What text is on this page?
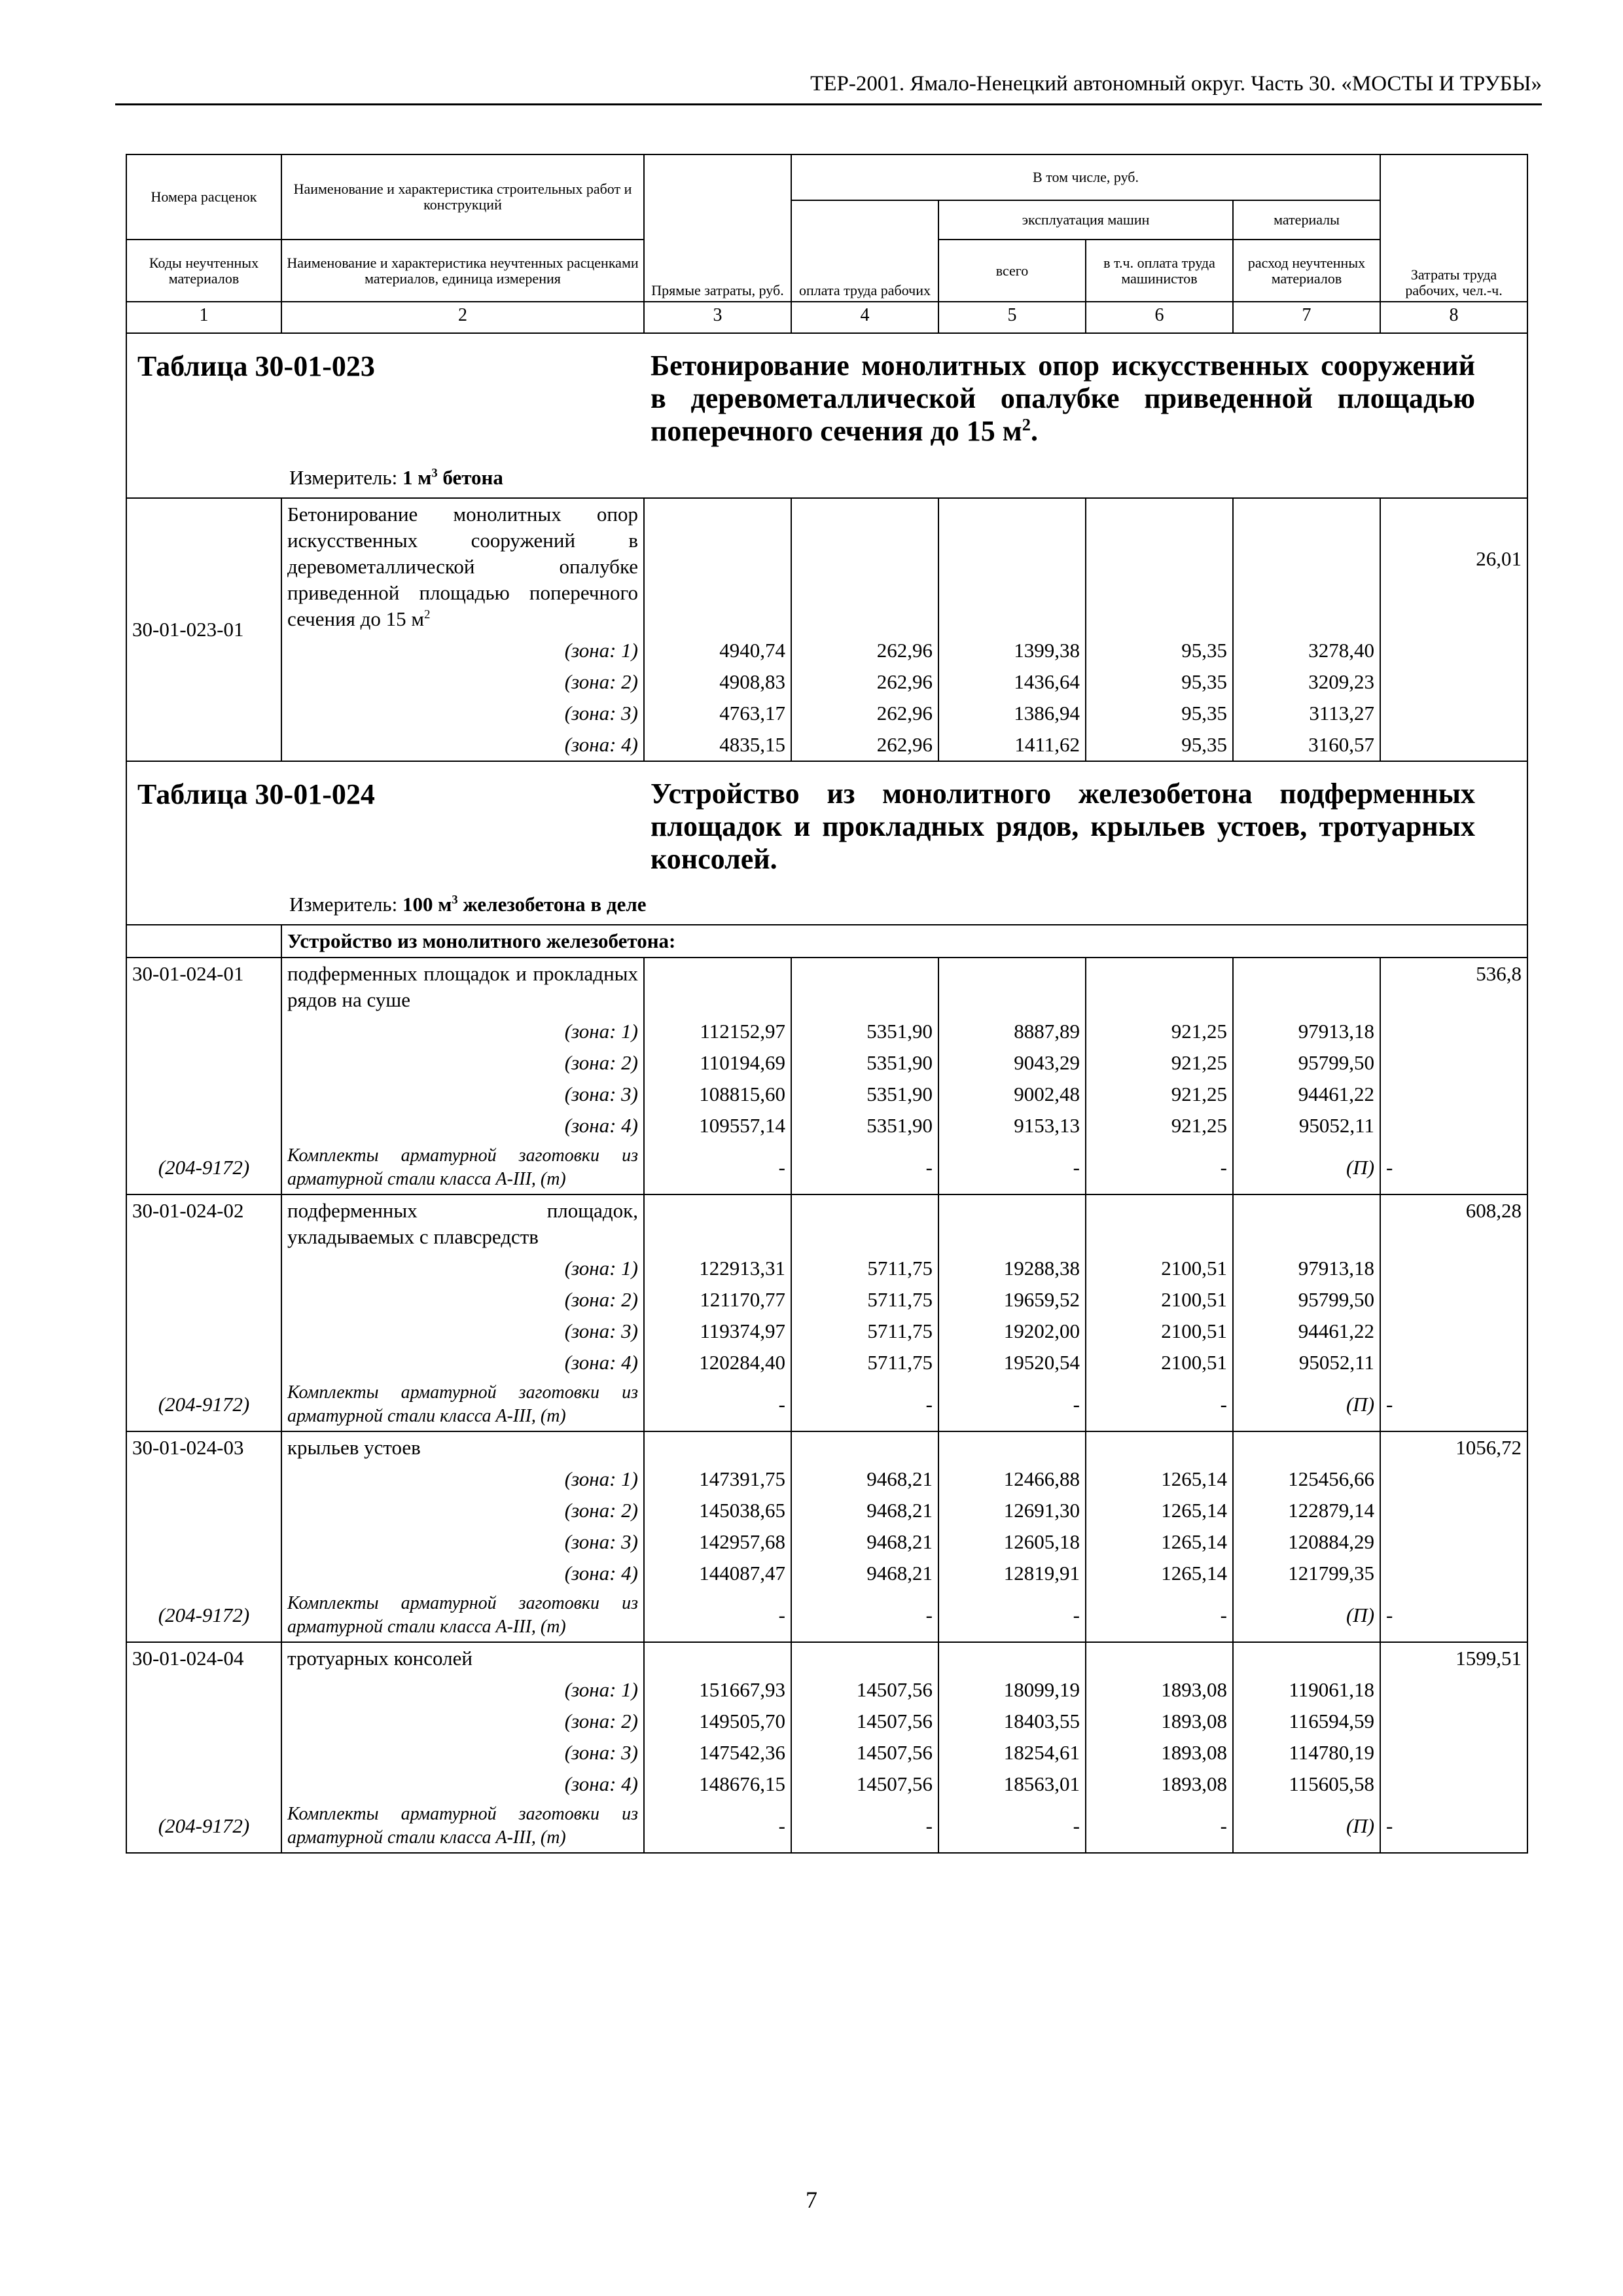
ТЕР-2001. Ямало-Ненецкий автономный округ. Часть 30. «МОСТЫ И ТРУБЫ»
Номера расценок	Наименование и характеристика строительных работ и конструкций	Прямые затраты, руб.	В том числе, руб.				Затраты труда рабочих, чел.-ч.
			оплата труда рабочих	эксплуатация машин		материалы	
Коды неучтенных материалов	Наименование и характеристика неучтенных расценками материалов, единица измерения			всего	в т.ч. оплата труда машинистов	расход неучтенных материалов	
1	2	3	4	5	6	7	8

Таблица 30-01-023 Бетонирование монолитных опор искусственных сооружений в деревометаллической опалубке приведенной площадью поперечного сечения до 15 $м^2$.
Измеритель: 1 $м^3$ бетона							

30-01-023-01	Бетонирование монолитных опор искусственных сооружений в деревометаллической опалубке приведенной площадью поперечного сечения до 15 $м^2$						26,01

	(зона: 1)	4940,74	262,96	1399,38	95,35	3278,40	

	(зона: 2)	4908,83	262,96	1436,64	95,35	3209,23	

	(зона: 3)	4763,17	262,96	1386,94	95,35	3113,27	

	(зона: 4)	4835,15	262,96	1411,62	95,35	3160,57	

Таблица 30-01-024 Устройство из монолитного железобетона подферменных площадок и прокладных рядов, крыльев устоев, тротуарных консолей.
Измеритель: 100 $м^3$ железобетона в деле							

	Устройство из монолитного железобетона:						
30-01-024-01	подферменных площадок и прокладных рядов на суше						536,8

	(зона: 1)	112152,97	5351,90	8887,89	921,25	97913,18	

	(зона: 2)	110194,69	5351,90	9043,29	921,25	95799,50	

	(зона: 3)	108815,60	5351,90	9002,48	921,25	94461,22	

	(зона: 4)	109557,14	5351,90	9153,13	921,25	95052,11	
(204-9172)	Комплекты арматурной заготовки из арматурной стали класса А-III, (т)	-	-	-	-	(П)	-
30-01-024-02	подферменных площадок, укладываемых с плавсредств						608,28

	(зона: 1)	122913,31	5711,75	19288,38	2100,51	97913,18	

	(зона: 2)	121170,77	5711,75	19659,52	2100,51	95799,50	

	(зона: 3)	119374,97	5711,75	19202,00	2100,51	94461,22	

	(зона: 4)	120284,40	5711,75	19520,54	2100,51	95052,11	
(204-9172)	Комплекты арматурной заготовки из арматурной стали класса А-III, (т)	-	-	-	-	(П)	-
30-01-024-03	крыльев устоев						1056,72

	(зона: 1)	147391,75	9468,21	12466,88	1265,14	125456,66	

	(зона: 2)	145038,65	9468,21	12691,30	1265,14	122879,14	

	(зона: 3)	142957,68	9468,21	12605,18	1265,14	120884,29	

	(зона: 4)	144087,47	9468,21	12819,91	1265,14	121799,35	
(204-9172)	Комплекты арматурной заготовки из арматурной стали класса А-III, (т)	-	-	-	-	(П)	-
30-01-024-04	тротуарных консолей						1599,51

	(зона: 1)	151667,93	14507,56	18099,19	1893,08	119061,18	

	(зона: 2)	149505,70	14507,56	18403,55	1893,08	116594,59	

	(зона: 3)	147542,36	14507,56	18254,61	1893,08	114780,19	

	(зона: 4)	148676,15	14507,56	18563,01	1893,08	115605,58	
(204-9172)	Комплекты арматурной заготовки из арматурной стали класса А-III, (т)	-	-	-	-	(П)	-
7
